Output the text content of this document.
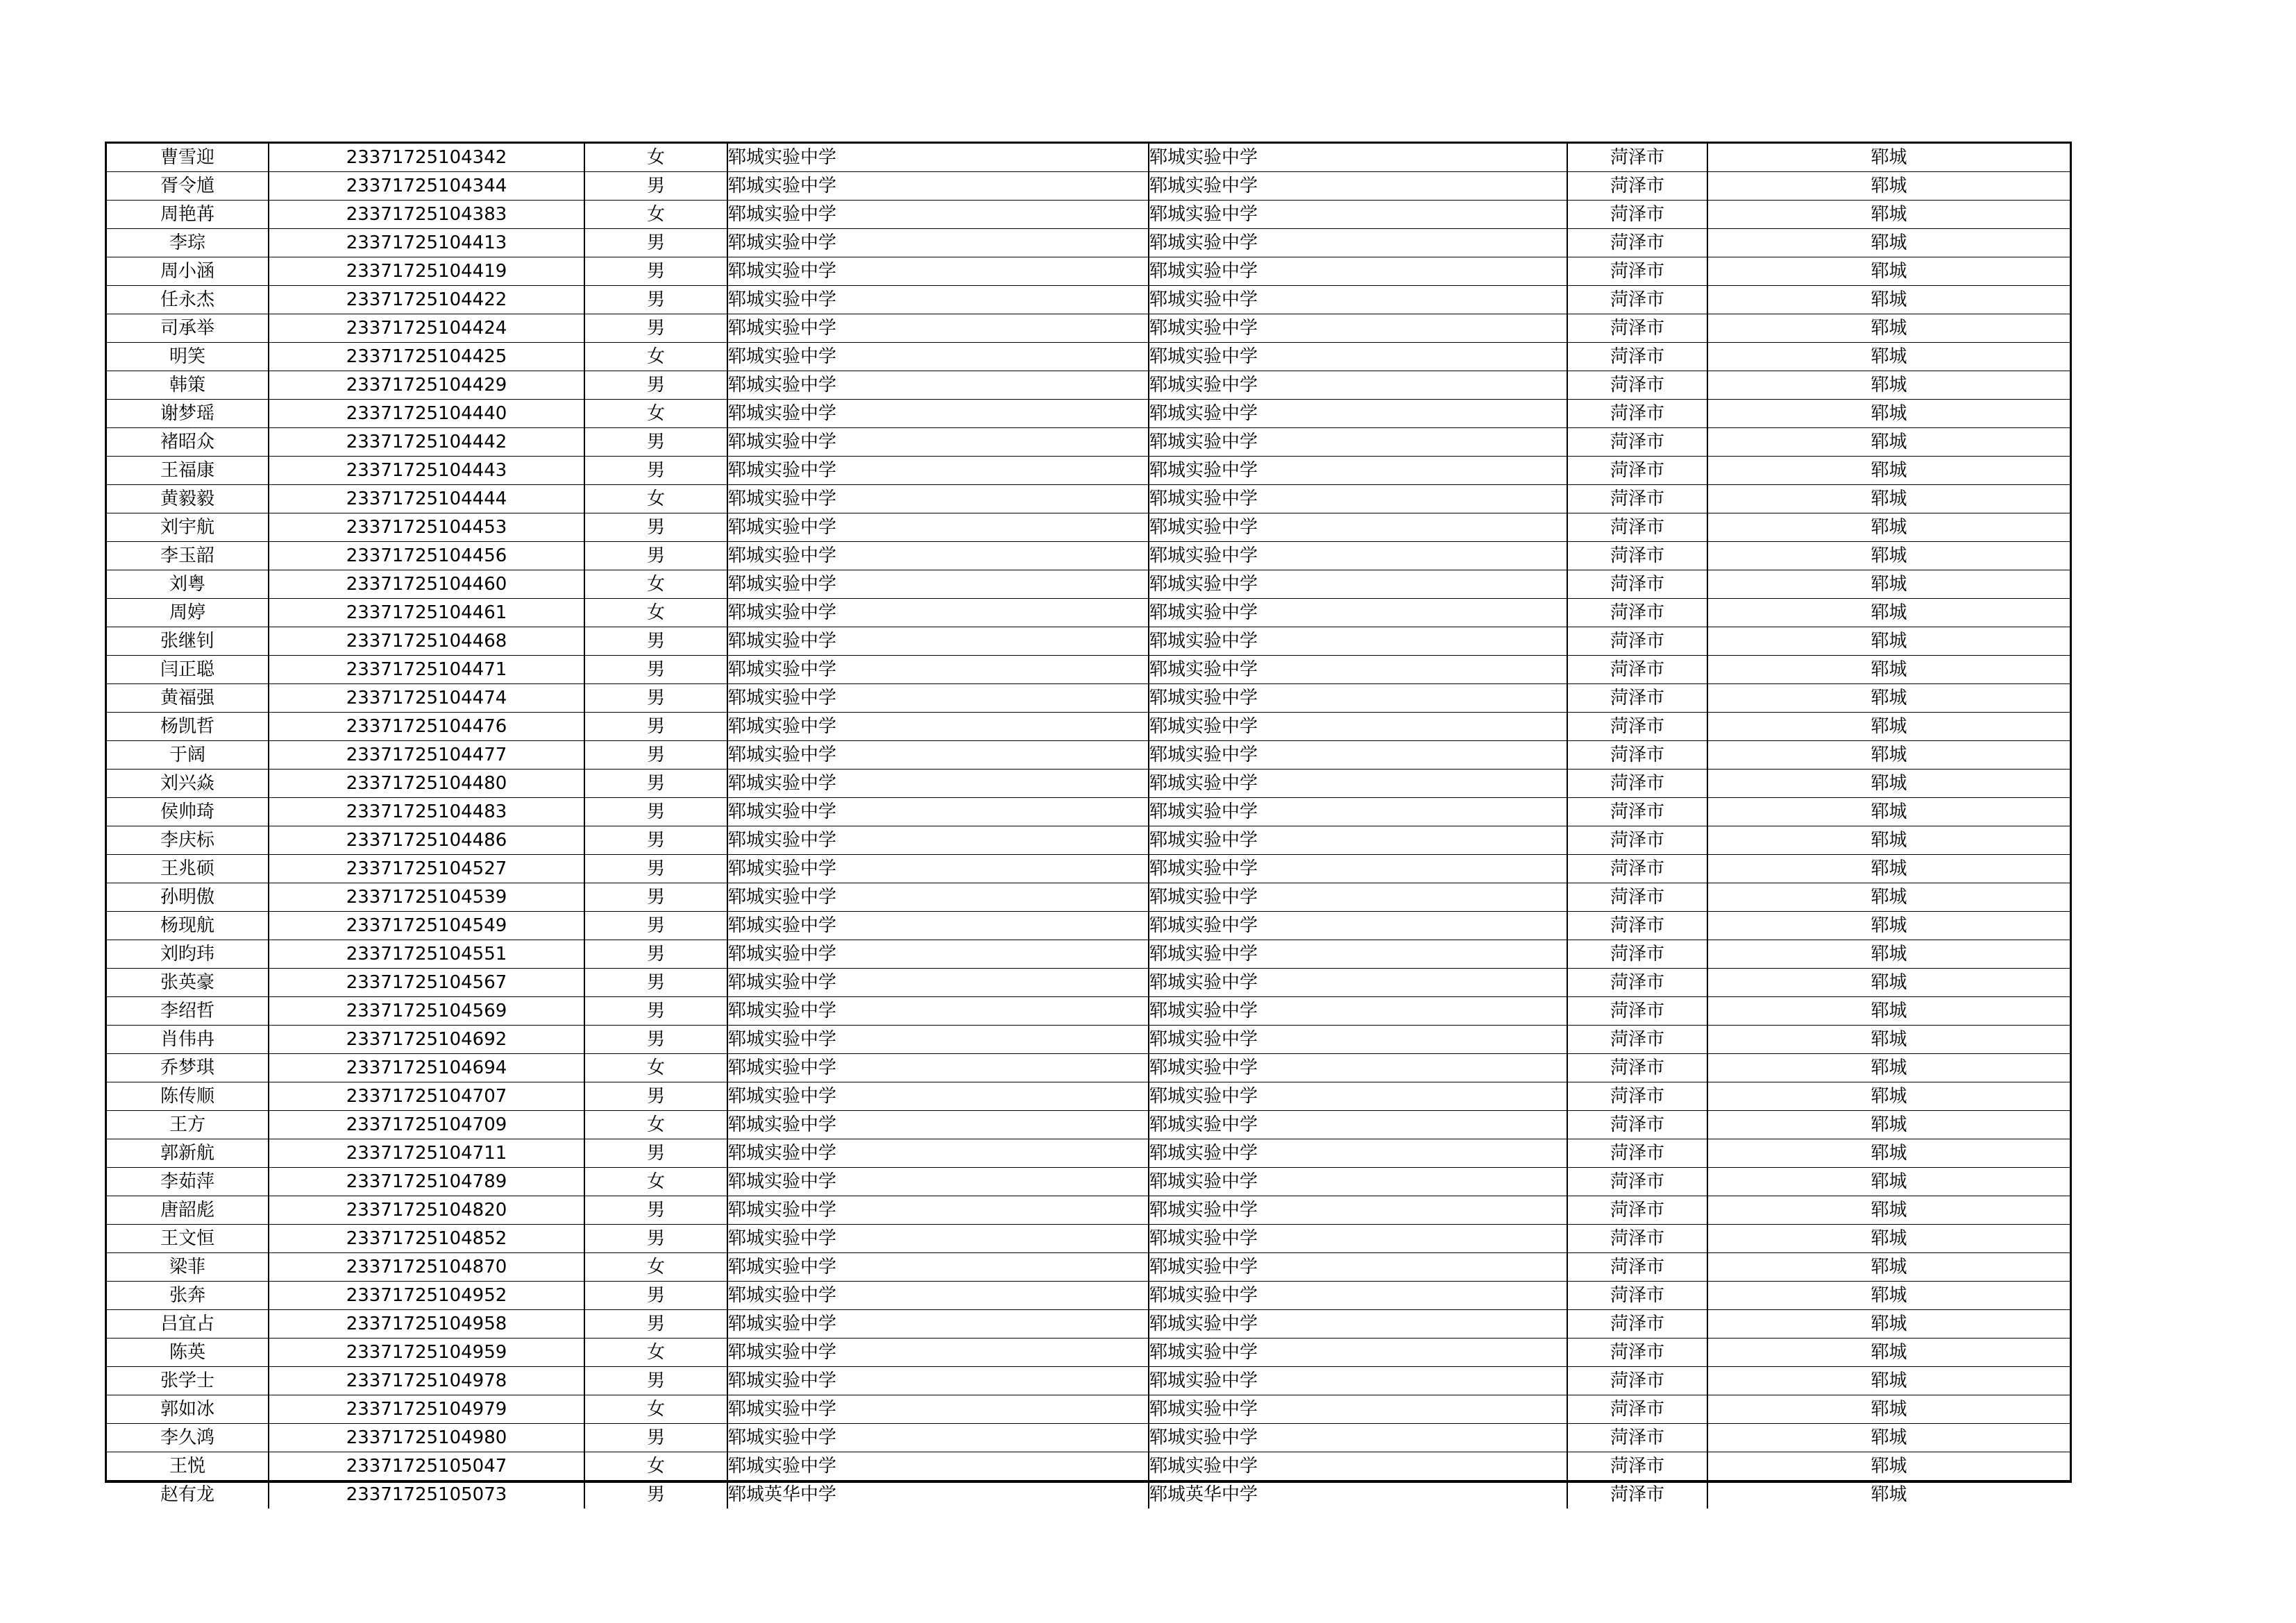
曹雪迎	23371725104342	女	郓城实验中学	郓城实验中学	菏泽市	郓城
胥令馗	23371725104344	男	郓城实验中学	郓城实验中学	菏泽市	郓城
周艳苒	23371725104383	女	郓城实验中学	郓城实验中学	菏泽市	郓城
李琮	23371725104413	男	郓城实验中学	郓城实验中学	菏泽市	郓城
周小涵	23371725104419	男	郓城实验中学	郓城实验中学	菏泽市	郓城
任永杰	23371725104422	男	郓城实验中学	郓城实验中学	菏泽市	郓城
司承举	23371725104424	男	郓城实验中学	郓城实验中学	菏泽市	郓城
明笑	23371725104425	女	郓城实验中学	郓城实验中学	菏泽市	郓城
韩策	23371725104429	男	郓城实验中学	郓城实验中学	菏泽市	郓城
谢梦瑶	23371725104440	女	郓城实验中学	郓城实验中学	菏泽市	郓城
褚昭众	23371725104442	男	郓城实验中学	郓城实验中学	菏泽市	郓城
王福康	23371725104443	男	郓城实验中学	郓城实验中学	菏泽市	郓城
黄毅毅	23371725104444	女	郓城实验中学	郓城实验中学	菏泽市	郓城
刘宇航	23371725104453	男	郓城实验中学	郓城实验中学	菏泽市	郓城
李玉韶	23371725104456	男	郓城实验中学	郓城实验中学	菏泽市	郓城
刘粤	23371725104460	女	郓城实验中学	郓城实验中学	菏泽市	郓城
周婷	23371725104461	女	郓城实验中学	郓城实验中学	菏泽市	郓城
张继钊	23371725104468	男	郓城实验中学	郓城实验中学	菏泽市	郓城
闫正聪	23371725104471	男	郓城实验中学	郓城实验中学	菏泽市	郓城
黄福强	23371725104474	男	郓城实验中学	郓城实验中学	菏泽市	郓城
杨凯哲	23371725104476	男	郓城实验中学	郓城实验中学	菏泽市	郓城
于阔	23371725104477	男	郓城实验中学	郓城实验中学	菏泽市	郓城
刘兴焱	23371725104480	男	郓城实验中学	郓城实验中学	菏泽市	郓城
侯帅琦	23371725104483	男	郓城实验中学	郓城实验中学	菏泽市	郓城
李庆标	23371725104486	男	郓城实验中学	郓城实验中学	菏泽市	郓城
王兆硕	23371725104527	男	郓城实验中学	郓城实验中学	菏泽市	郓城
孙明傲	23371725104539	男	郓城实验中学	郓城实验中学	菏泽市	郓城
杨现航	23371725104549	男	郓城实验中学	郓城实验中学	菏泽市	郓城
刘昀玮	23371725104551	男	郓城实验中学	郓城实验中学	菏泽市	郓城
张英豪	23371725104567	男	郓城实验中学	郓城实验中学	菏泽市	郓城
李绍哲	23371725104569	男	郓城实验中学	郓城实验中学	菏泽市	郓城
肖伟冉	23371725104692	男	郓城实验中学	郓城实验中学	菏泽市	郓城
乔梦琪	23371725104694	女	郓城实验中学	郓城实验中学	菏泽市	郓城
陈传顺	23371725104707	男	郓城实验中学	郓城实验中学	菏泽市	郓城
王方	23371725104709	女	郓城实验中学	郓城实验中学	菏泽市	郓城
郭新航	23371725104711	男	郓城实验中学	郓城实验中学	菏泽市	郓城
李茹萍	23371725104789	女	郓城实验中学	郓城实验中学	菏泽市	郓城
唐韶彪	23371725104820	男	郓城实验中学	郓城实验中学	菏泽市	郓城
王文恒	23371725104852	男	郓城实验中学	郓城实验中学	菏泽市	郓城
梁菲	23371725104870	女	郓城实验中学	郓城实验中学	菏泽市	郓城
张奔	23371725104952	男	郓城实验中学	郓城实验中学	菏泽市	郓城
吕宜占	23371725104958	男	郓城实验中学	郓城实验中学	菏泽市	郓城
陈英	23371725104959	女	郓城实验中学	郓城实验中学	菏泽市	郓城
张学士	23371725104978	男	郓城实验中学	郓城实验中学	菏泽市	郓城
郭如冰	23371725104979	女	郓城实验中学	郓城实验中学	菏泽市	郓城
李久鸿	23371725104980	男	郓城实验中学	郓城实验中学	菏泽市	郓城
王悦	23371725105047	女	郓城实验中学	郓城实验中学	菏泽市	郓城
赵有龙	23371725105073	男	郓城英华中学	郓城英华中学	菏泽市	郓城
